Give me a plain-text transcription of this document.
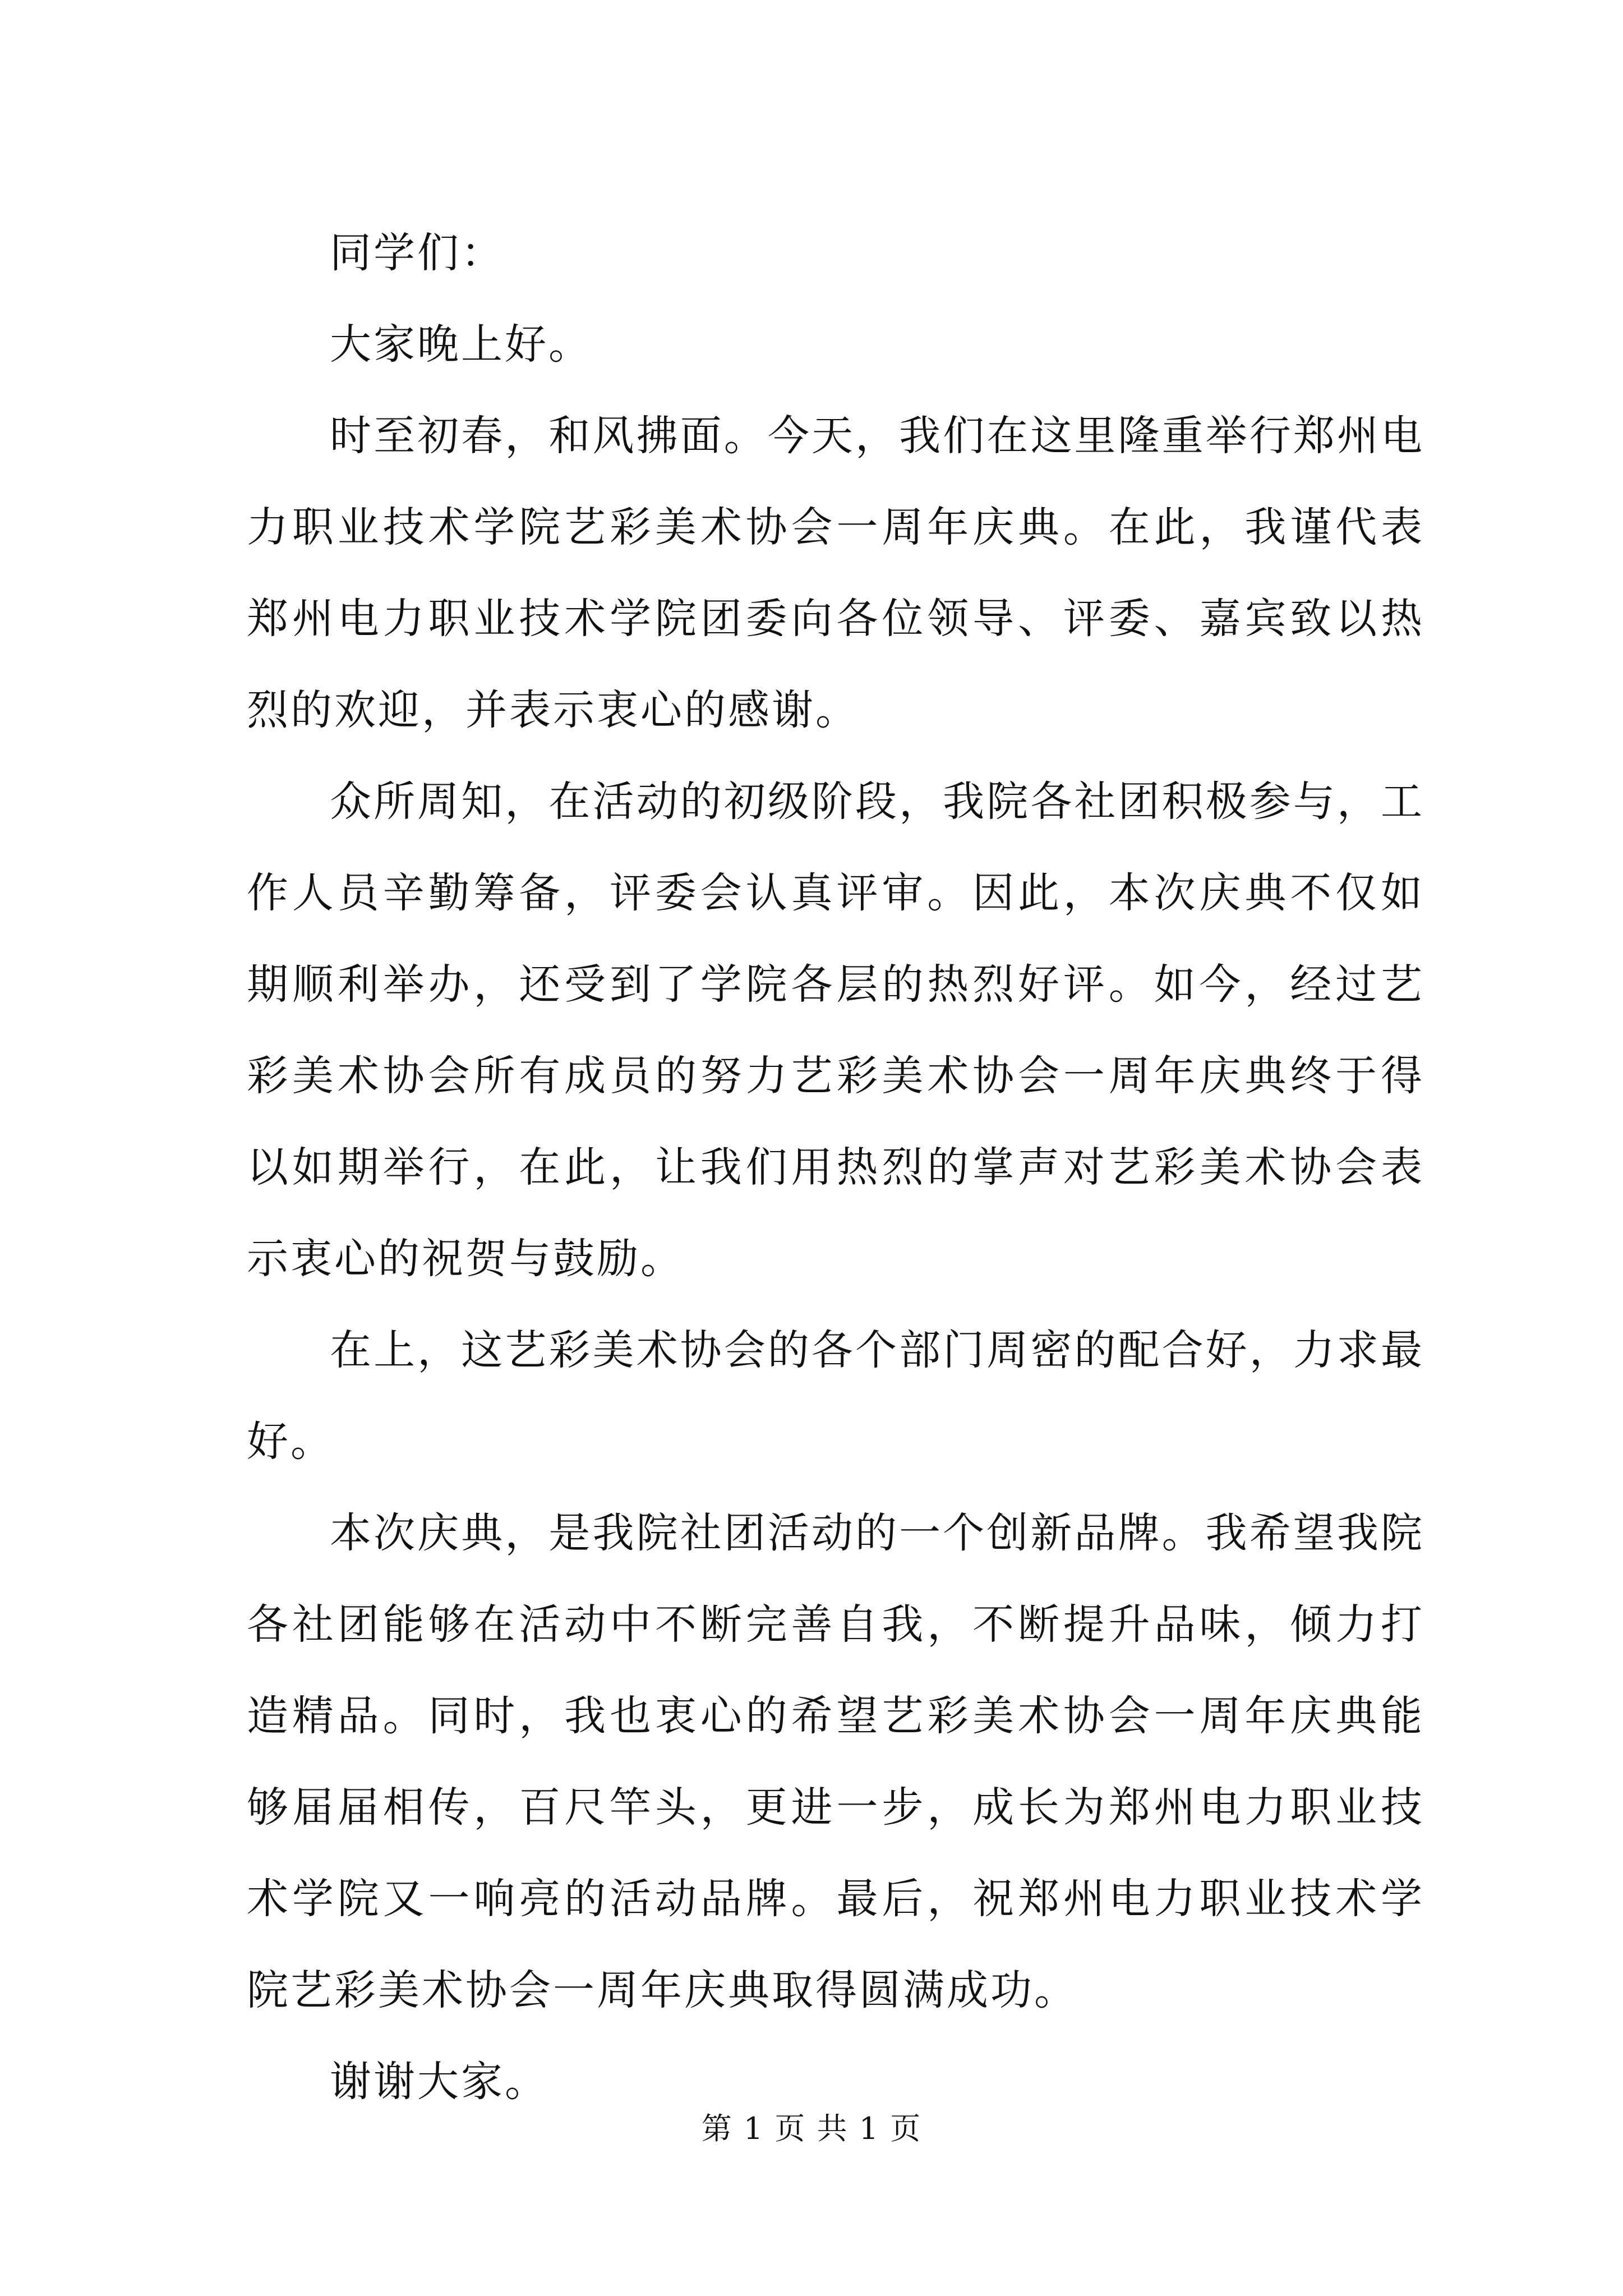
同学们：

大家晚上好。

时至初春，和风拂面。今天，我们在这里隆重举行郑州电力职业技术学院艺彩美术协会一周年庆典。在此，我谨代表郑州电力职业技术学院团委向各位领导、评委、嘉宾致以热烈的欢迎，并表示衷心的感谢。

众所周知，在活动的初级阶段，我院各社团积极参与，工作人员辛勤筹备，评委会认真评审。因此，本次庆典不仅如期顺利举办，还受到了学院各层的热烈好评。如今，经过艺彩美术协会所有成员的努力艺彩美术协会一周年庆典终于得以如期举行，在此，让我们用热烈的掌声对艺彩美术协会表示衷心的祝贺与鼓励。

在上，这艺彩美术协会的各个部门周密的配合好，力求最好。

本次庆典，是我院社团活动的一个创新品牌。我希望我院各社团能够在活动中不断完善自我，不断提升品味，倾力打造精品。同时，我也衷心的希望艺彩美术协会一周年庆典能够届届相传，百尺竿头，更进一步，成长为郑州电力职业技术学院又一响亮的活动品牌。最后，祝郑州电力职业技术学院艺彩美术协会一周年庆典取得圆满成功。

谢谢大家。

第 1 页 共 1 页
